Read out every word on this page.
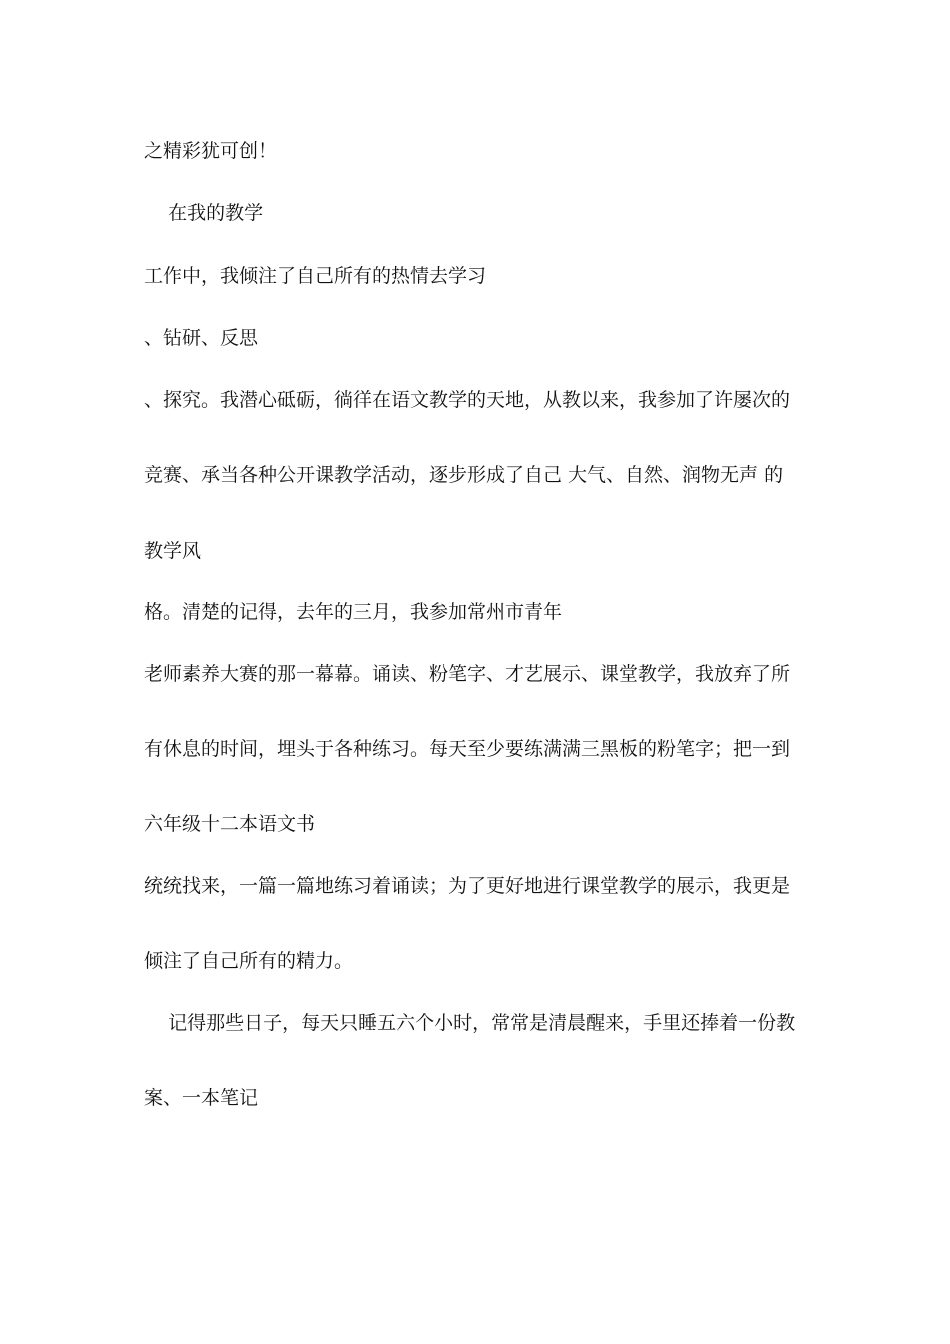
之精彩犹可创！
在我的教学
工作中，我倾注了自己所有的热情去学习
、钻研、反思
、探究。我潜心砥砺，徜徉在语文教学的天地，从教以来，我参加了许屡次的
竞赛、承当各种公开课教学活动，逐步形成了自己 大气、自然、润物无声 的
教学风
格。清楚的记得，去年的三月，我参加常州市青年
老师素养大赛的那一幕幕。诵读、粉笔字、才艺展示、课堂教学，我放弃了所
有休息的时间，埋头于各种练习。每天至少要练满满三黑板的粉笔字；把一到
六年级十二本语文书
统统找来，一篇一篇地练习着诵读；为了更好地进行课堂教学的展示，我更是
倾注了自己所有的精力。
记得那些日子，每天只睡五六个小时，常常是清晨醒来，手里还捧着一份教
案、一本笔记
